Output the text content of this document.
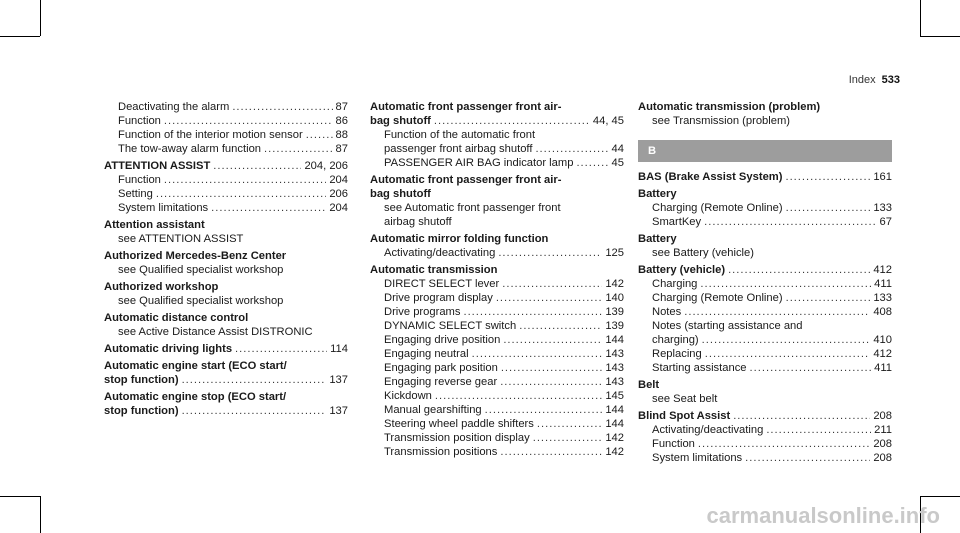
Index 533
Deactivating the alarm .....	87
Function .....	86
Function of the interior motion sensor .....	88
The tow-away alarm function .....	87
ATTENTION ASSIST .....	204, 206
Function .....	204
Setting .....	206
System limitations .....	204
Attention assistant
see ATTENTION ASSIST
Authorized Mercedes-Benz Center
see Qualified specialist workshop
Authorized workshop
see Qualified specialist workshop
Automatic distance control
see Active Distance Assist DISTRONIC
Automatic driving lights .....	114
Automatic engine start (ECO start/
stop function) .....	137
Automatic engine stop (ECO start/
stop function) .....	137
Automatic front passenger front air-
bag shutoff .....	44, 45
Function of the automatic front
passenger front airbag shutoff .....	44
PASSENGER AIR BAG indicator lamp .....	45
Automatic front passenger front air-
bag shutoff
see Automatic front passenger front
airbag shutoff
Automatic mirror folding function
Activating/deactivating .....	125
Automatic transmission
DIRECT SELECT lever .....	142
Drive program display .....	140
Drive programs .....	139
DYNAMIC SELECT switch .....	139
Engaging drive position .....	144
Engaging neutral .....	143
Engaging park position .....	143
Engaging reverse gear .....	143
Kickdown .....	145
Manual gearshifting .....	144
Steering wheel paddle shifters .....	144
Transmission position display .....	142
Transmission positions .....	142
Automatic transmission (problem)
see Transmission (problem)
B
BAS (Brake Assist System) .....	161
Battery
Charging (Remote Online) .....	133
SmartKey .....	67
Battery
see Battery (vehicle)
Battery (vehicle) .....	412
Charging .....	411
Charging (Remote Online) .....	133
Notes .....	408
Notes (starting assistance and
charging) .....	410
Replacing .....	412
Starting assistance .....	411
Belt
see Seat belt
Blind Spot Assist .....	208
Activating/deactivating .....	211
Function .....	208
System limitations .....	208
carmanualsonline.info
